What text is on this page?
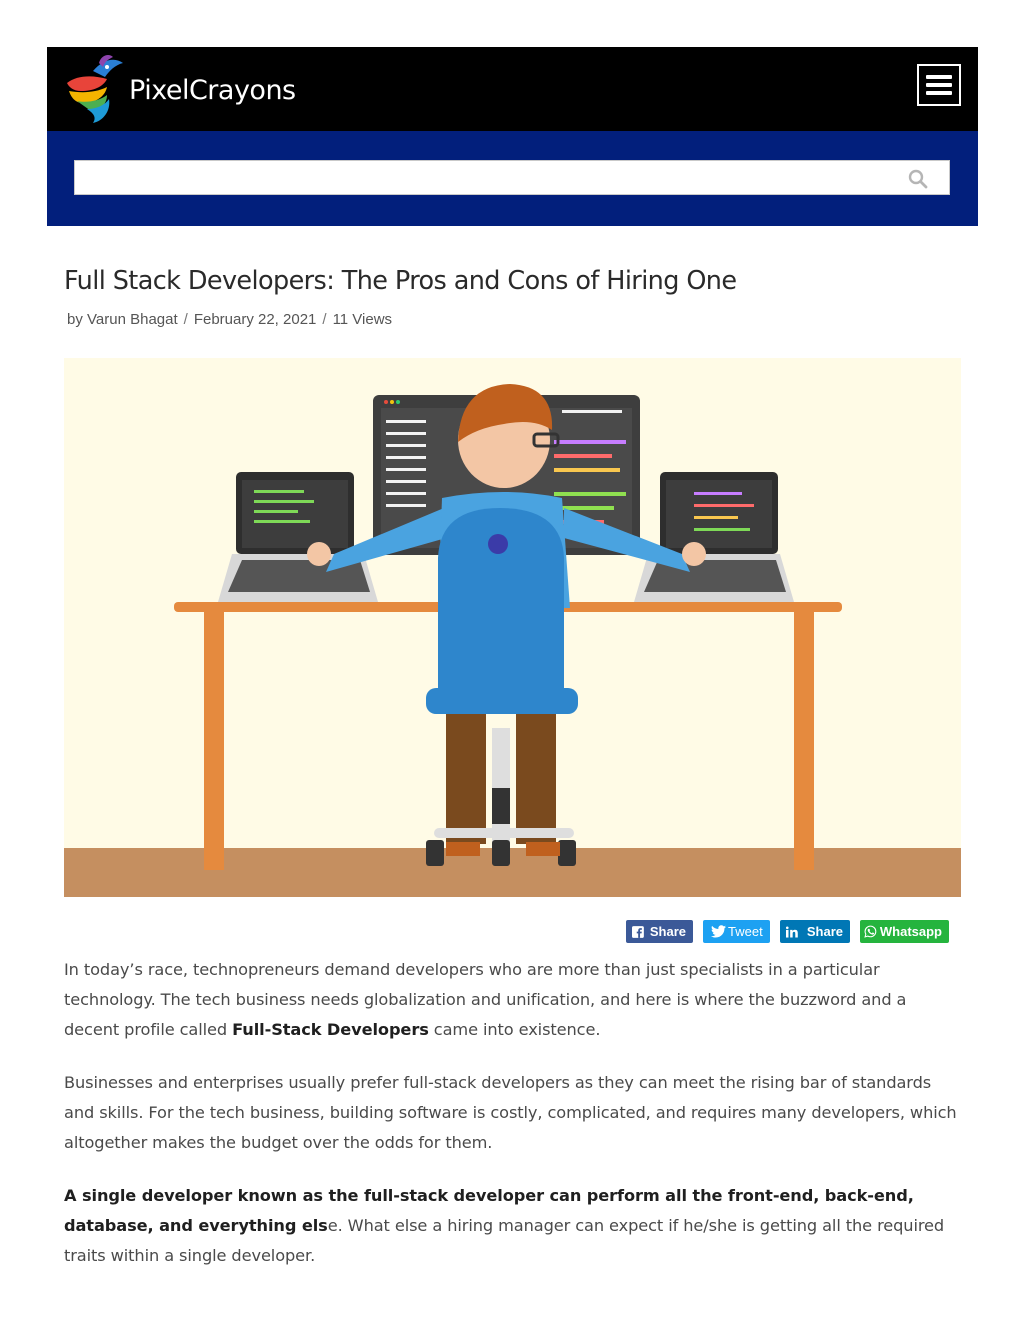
PixelCrayons
Full Stack Developers: The Pros and Cons of Hiring One
by Varun Bhagat / February 22, 2021 / 11 Views
Share	Tweet	Share	Whatsapp

In today’s race, technopreneurs demand developers who are more than just specialists in a particular technology. The tech business needs globalization and unification, and here is where the buzzword and a decent profile called Full-Stack Developers came into existence.

Businesses and enterprises usually prefer full-stack developers as they can meet the rising bar of standards and skills. For the tech business, building software is costly, complicated, and requires many developers, which altogether makes the budget over the odds for them.

A single developer known as the full-stack developer can perform all the front-end, back-end, database, and everything else. What else a hiring manager can expect if he/she is getting all the required traits within a single developer.
